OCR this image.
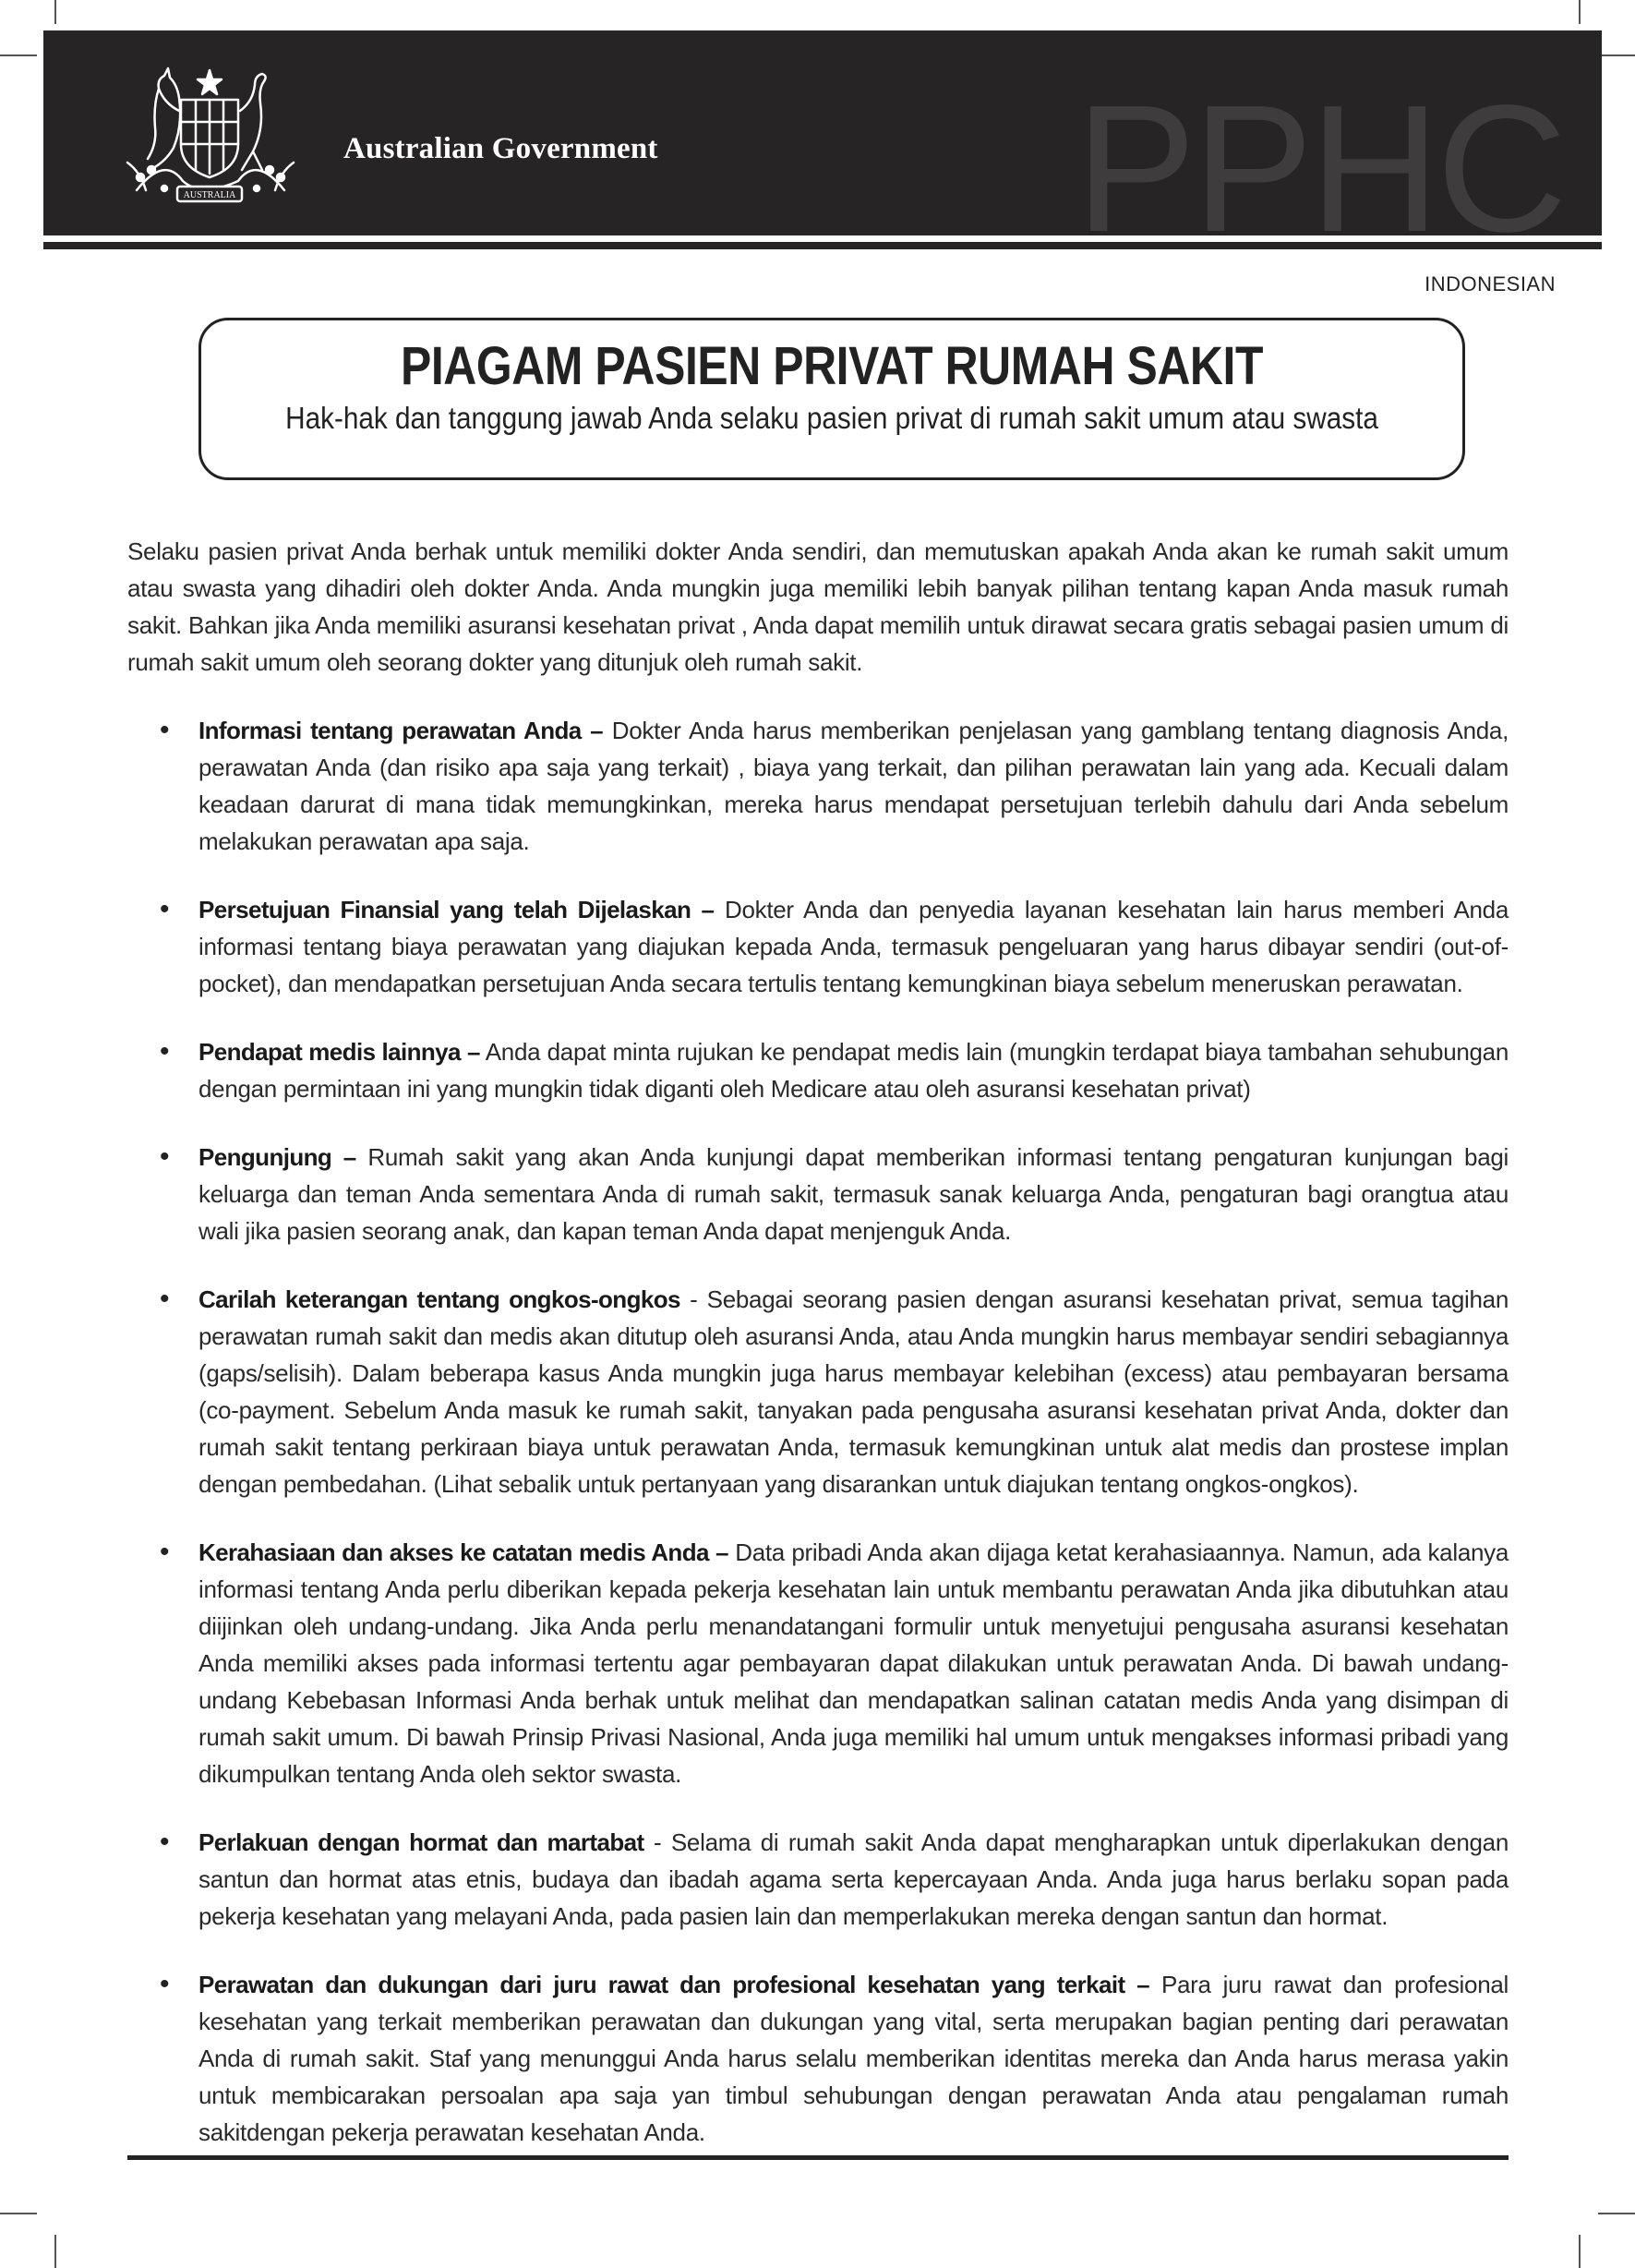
PPHC
AUSTRALIA
Australian Government
INDONESIAN
PIAGAM PASIEN PRIVAT RUMAH SAKIT
Hak-hak dan tanggung jawab Anda selaku pasien privat di rumah sakit umum atau swasta

Selaku pasien privat Anda berhak untuk memiliki dokter Anda sendiri, dan memutuskan apakah Anda akan ke rumah sakit umum atau swasta yang dihadiri oleh dokter Anda. Anda mungkin juga memiliki lebih banyak pilihan tentang kapan Anda masuk rumah sakit. Bahkan jika Anda memiliki asuransi kesehatan privat , Anda dapat memilih untuk dirawat secara gratis sebagai pasien umum di rumah sakit umum oleh seorang dokter yang ditunjuk oleh rumah sakit.

• Informasi tentang perawatan Anda – Dokter Anda harus memberikan penjelasan yang gamblang tentang diagnosis Anda, perawatan Anda (dan risiko apa saja yang terkait) , biaya yang terkait, dan pilihan perawatan lain yang ada. Kecuali dalam keadaan darurat di mana tidak memungkinkan, mereka harus mendapat persetujuan terlebih dahulu dari Anda sebelum melakukan perawatan apa saja.
• Persetujuan Finansial yang telah Dijelaskan – Dokter Anda dan penyedia layanan kesehatan lain harus memberi Anda informasi tentang biaya perawatan yang diajukan kepada Anda, termasuk pengeluaran yang harus dibayar sendiri (out-of-pocket), dan mendapatkan persetujuan Anda secara tertulis tentang kemungkinan biaya sebelum meneruskan perawatan.
• Pendapat medis lainnya – Anda dapat minta rujukan ke pendapat medis lain (mungkin terdapat biaya tambahan sehubungan dengan permintaan ini yang mungkin tidak diganti oleh Medicare atau oleh asuransi kesehatan privat)
• Pengunjung – Rumah sakit yang akan Anda kunjungi dapat memberikan informasi tentang pengaturan kunjungan bagi keluarga dan teman Anda sementara Anda di rumah sakit, termasuk sanak keluarga Anda, pengaturan bagi orangtua atau wali jika pasien seorang anak, dan kapan teman Anda dapat menjenguk Anda.
• Carilah keterangan tentang ongkos-ongkos - Sebagai seorang pasien dengan asuransi kesehatan privat, semua tagihan perawatan rumah sakit dan medis akan ditutup oleh asuransi Anda, atau Anda mungkin harus membayar sendiri sebagiannya (gaps/selisih). Dalam beberapa kasus Anda mungkin juga harus membayar kelebihan (excess) atau pembayaran bersama (co-payment. Sebelum Anda masuk ke rumah sakit, tanyakan pada pengusaha asuransi kesehatan privat Anda, dokter dan rumah sakit tentang perkiraan biaya untuk perawatan Anda, termasuk kemungkinan untuk alat medis dan prostese implan dengan pembedahan. (Lihat sebalik untuk pertanyaan yang disarankan untuk diajukan tentang ongkos-ongkos).
• Kerahasiaan dan akses ke catatan medis Anda – Data pribadi Anda akan dijaga ketat kerahasiaannya. Namun, ada kalanya informasi tentang Anda perlu diberikan kepada pekerja kesehatan lain untuk membantu perawatan Anda jika dibutuhkan atau diijinkan oleh undang-undang. Jika Anda perlu menandatangani formulir untuk menyetujui pengusaha asuransi kesehatan Anda memiliki akses pada informasi tertentu agar pembayaran dapat dilakukan untuk perawatan Anda. Di bawah undang-undang Kebebasan Informasi Anda berhak untuk melihat dan mendapatkan salinan catatan medis Anda yang disimpan di rumah sakit umum. Di bawah Prinsip Privasi Nasional, Anda juga memiliki hal umum untuk mengakses informasi pribadi yang dikumpulkan tentang Anda oleh sektor swasta.
• Perlakuan dengan hormat dan martabat - Selama di rumah sakit Anda dapat mengharapkan untuk diperlakukan dengan santun dan hormat atas etnis, budaya dan ibadah agama serta kepercayaan Anda. Anda juga harus berlaku sopan pada pekerja kesehatan yang melayani Anda, pada pasien lain dan memperlakukan mereka dengan santun dan hormat.
• Perawatan dan dukungan dari juru rawat dan profesional kesehatan yang terkait – Para juru rawat dan profesional kesehatan yang terkait memberikan perawatan dan dukungan yang vital, serta merupakan bagian penting dari perawatan Anda di rumah sakit. Staf yang menunggui Anda harus selalu memberikan identitas mereka dan Anda harus merasa yakin untuk membicarakan persoalan apa saja yan timbul sehubungan dengan perawatan Anda atau pengalaman rumah sakitdengan pekerja perawatan kesehatan Anda.
